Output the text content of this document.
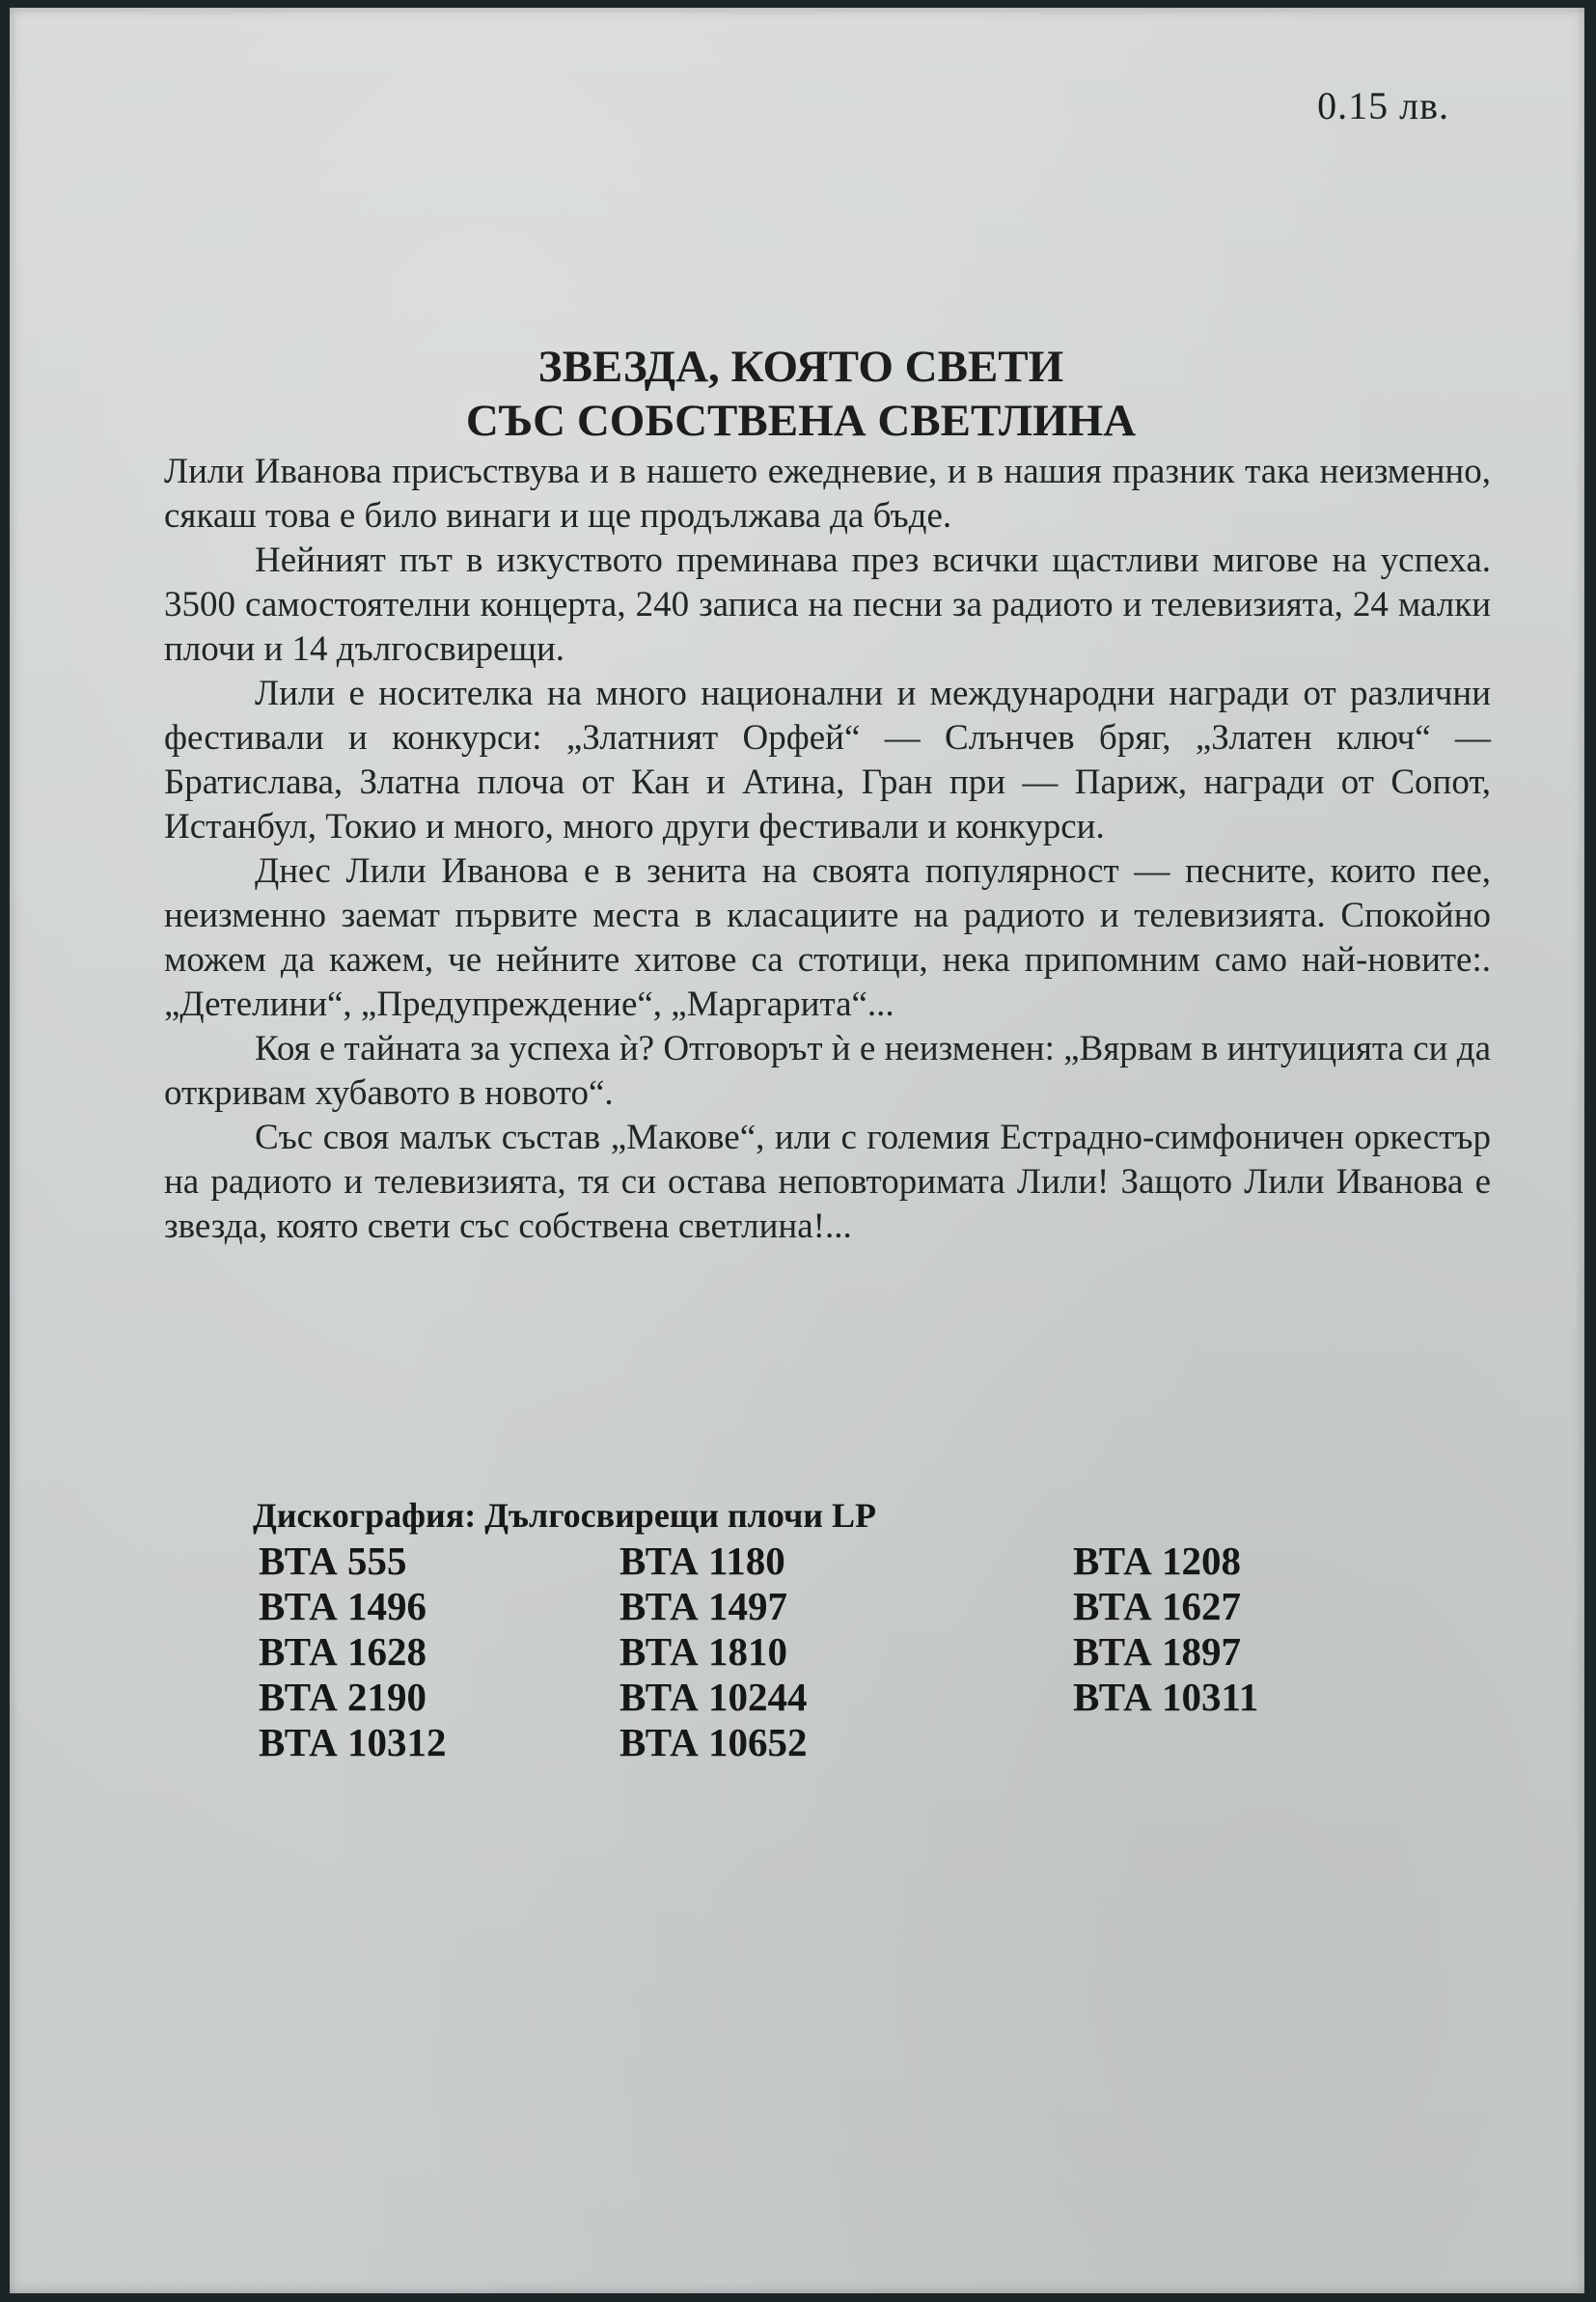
0.15 лв.
ЗВЕЗДА, КОЯТО СВЕТИ
СЪС СОБСТВЕНА СВЕТЛИНА

Лили Иванова присъствува и в нашето ежедневие, и в нашия празник така неизменно, сякаш това е било винаги и ще продължава да бъде.

Нейният път в изкуството преминава през всички щастливи мигове на успеха. 3500 самостоятелни концерта, 240 записа на песни за радиото и телевизията, 24 малки плочи и 14 дългосвирещи.

Лили е носителка на много национални и международни награди от различни фестивали и конкурси: „Златният Орфей“ — Слънчев бряг, „Златен ключ“ — Братислава, Златна плоча от Кан и Атина, Гран при — Париж, награди от Сопот, Истанбул, Токио и много, много други фестивали и конкурси.

Днес Лили Иванова е в зенита на своята популярност — песните, които пее, неизменно заемат първите места в класациите на радиото и телевизията. Спокойно можем да кажем, че нейните хитове са стотици, нека припомним само най-новите:.„Детелини“, „Предупреждение“, „Маргарита“...

Коя е тайната за успеха ѝ? Отговорът ѝ е неизменен: „Вярвам в интуицията си да откривам хубавото в новото“.

Със своя малък състав „Макове“, или с големия Естрадно-симфоничен оркестър на радиото и телевизията, тя си остава неповторимата Лили! Защото Лили Иванова е звезда, която свети със собствена светлина!...

Дискография: Дългосвирещи плочи LP
ВТА 555	ВТА 1180	ВТА 1208
ВТА 1496	ВТА 1497	ВТА 1627
ВТА 1628	ВТА 1810	ВТА 1897
ВТА 2190	ВТА 10244	ВТА 10311
ВТА 10312	ВТА 10652
